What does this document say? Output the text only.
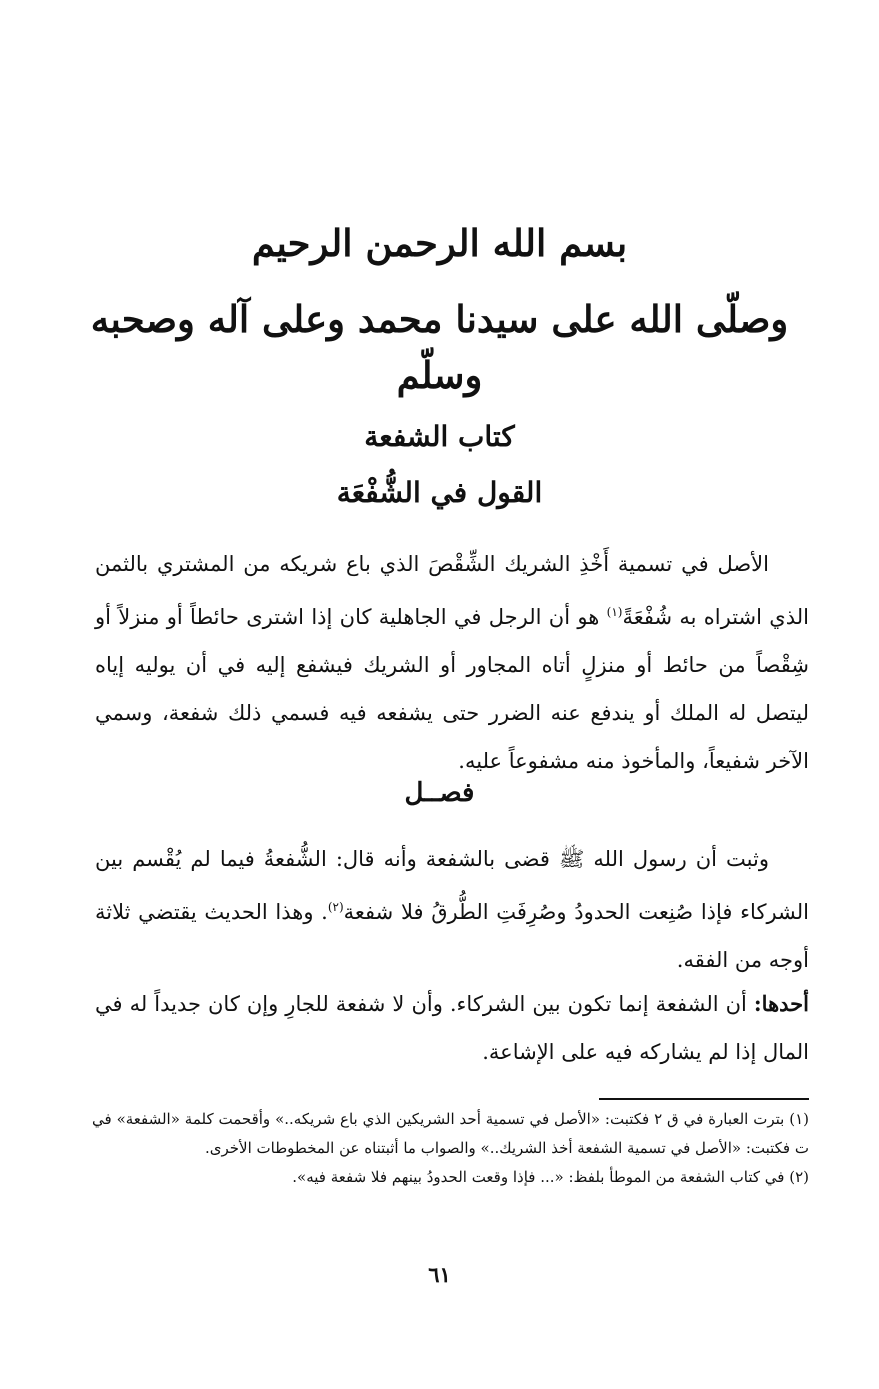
بسم الله الرحمن الرحيم
وصلّى الله على سيدنا محمد وعلى آله وصحبه وسلّم
كتاب الشفعة
القول في الشُّفْعَة

الأصل في تسمية أَخْذِ الشريك الشِّقْصَ الذي باع شريكه من المشتري بالثمن الذي اشتراه به شُفْعَةً$^{(١)}$ هو أن الرجل في الجاهلية كان إذا اشترى حائطاً أو منزلاً أو شِقْصاً من حائط أو منزلٍ أتاه المجاور أو الشريك فيشفع إليه في أن يوليه إياه ليتصل له الملك أو يندفع عنه الضرر حتى يشفعه فيه فسمي ذلك شفعة، وسمي الآخر شفيعاً، والمأخوذ منه مشفوعاً عليه.

فصــل

وثبت أن رسول الله ﷺ قضى بالشفعة وأنه قال: الشُّفعةُ فيما لم يُقْسم بين الشركاء فإذا صُنِعت الحدودُ وصُرِفَتِ الطُّرقُ فلا شفعة$^{(٢)}$. وهذا الحديث يقتضي ثلاثة أوجه من الفقه.

أحدها: أن الشفعة إنما تكون بين الشركاء. وأن لا شفعة للجارِ وإن كان جديداً له في المال إذا لم يشاركه فيه على الإشاعة.

(١) بترت العبارة في ق ٢ فكتبت: «الأصل في تسمية أحد الشريكين الذي باع شريكه..» وأقحمت كلمة «الشفعة» في ت فكتبت: «الأصل في تسمية الشفعة أخذ الشريك..» والصواب ما أثبتناه عن المخطوطات الأخرى.

(٢) في كتاب الشفعة من الموطأ بلفظ: «... فإذا وقعت الحدودُ بينهم فلا شفعة فيه».

٦١
